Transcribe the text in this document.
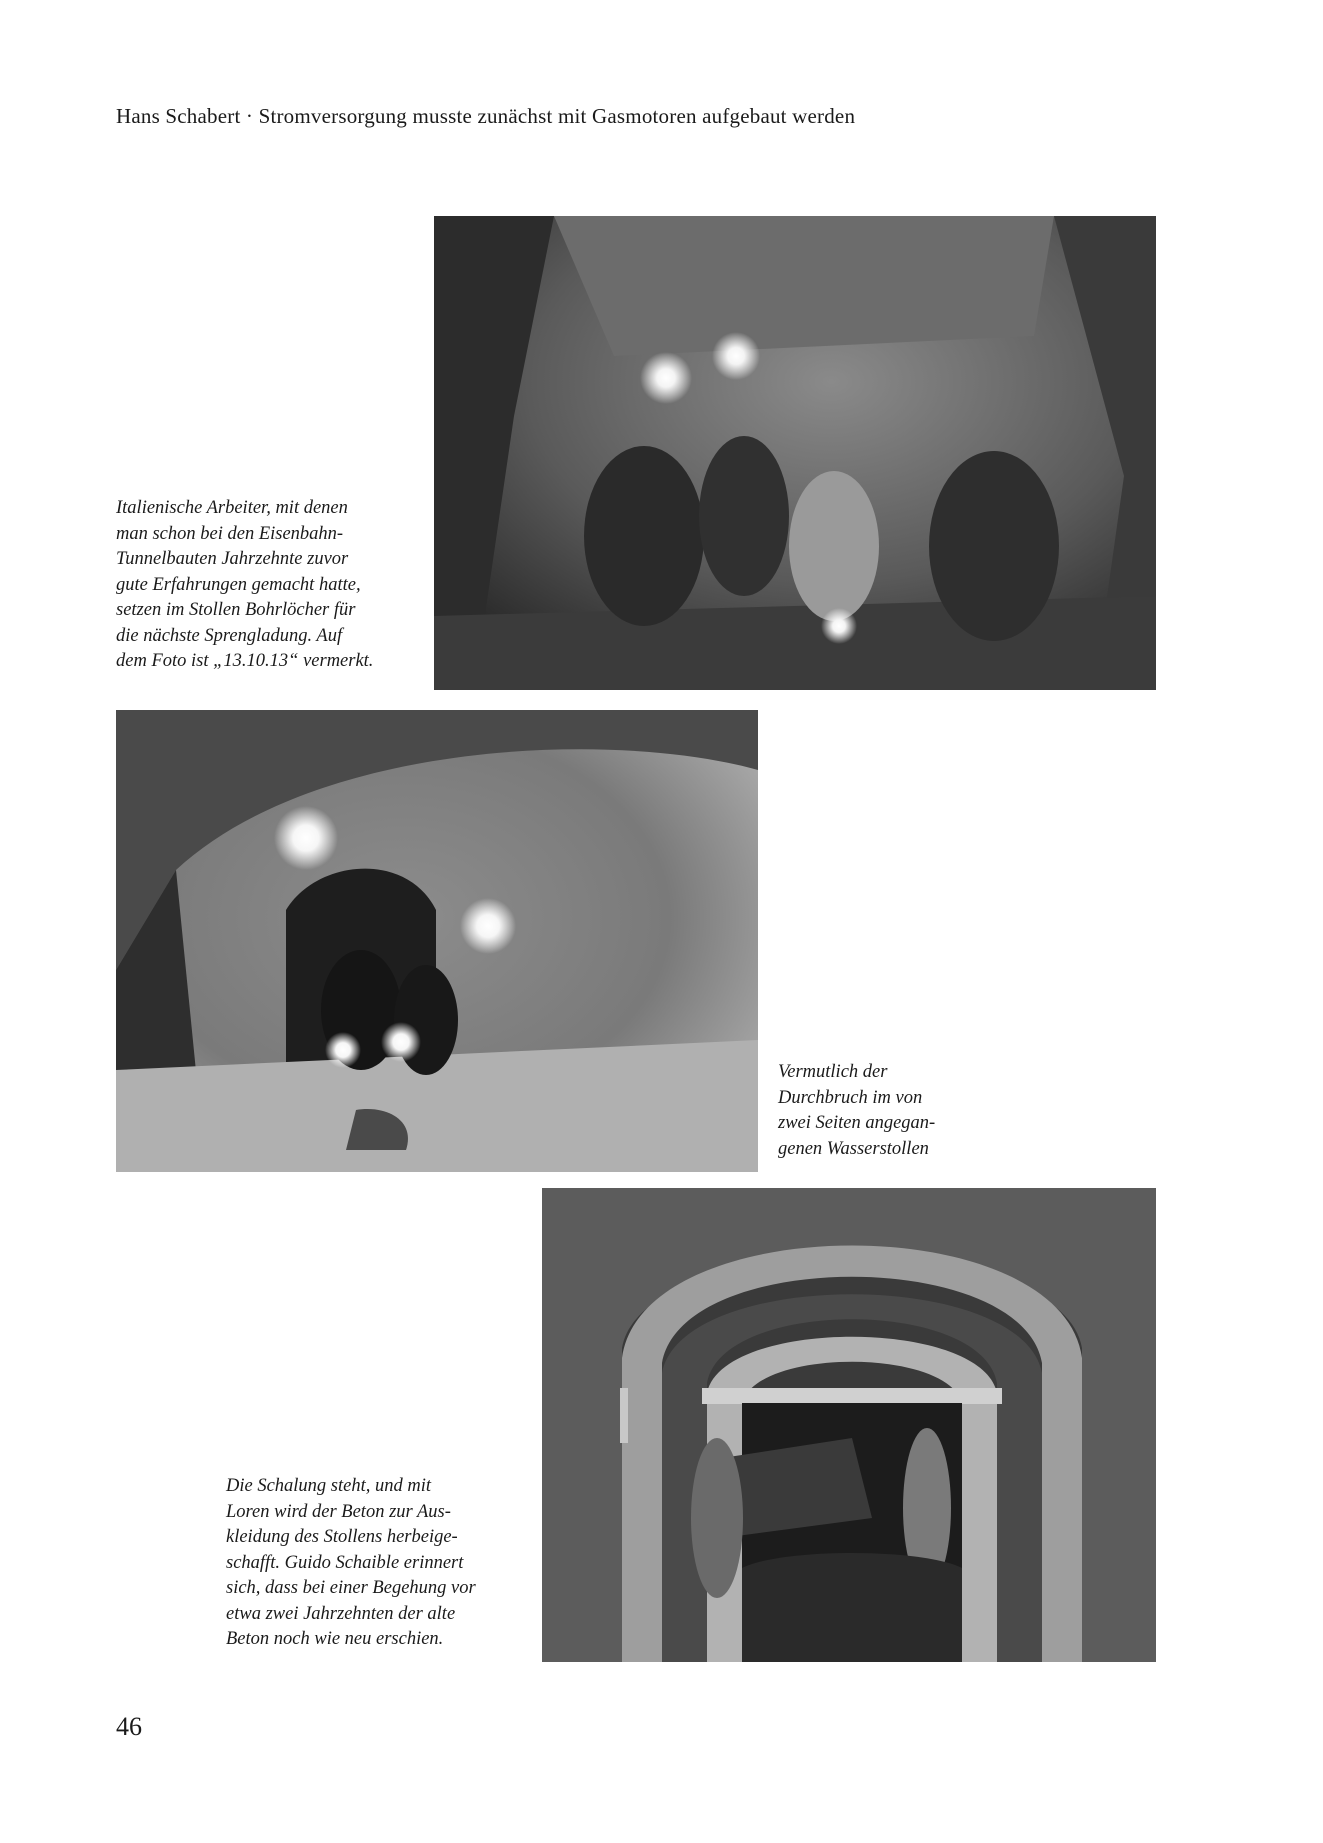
Hans Schabert · Stromversorgung musste zunächst mit Gasmotoren aufgebaut werden
Italienische Arbeiter, mit denen
man schon bei den Eisenbahn-
Tunnelbauten Jahrzehnte zuvor
gute Erfahrungen gemacht hatte,
setzen im Stollen Bohrlöcher für
die nächste Sprengladung. Auf
dem Foto ist „13.10.13“ vermerkt.
Vermutlich der
Durchbruch im von
zwei Seiten angegan-
genen Wasserstollen
Die Schalung steht, und mit
Loren wird der Beton zur Aus-
kleidung des Stollens herbeige-
schafft. Guido Schaible erinnert
sich, dass bei einer Begehung vor
etwa zwei Jahrzehnten der alte
Beton noch wie neu erschien.
46
